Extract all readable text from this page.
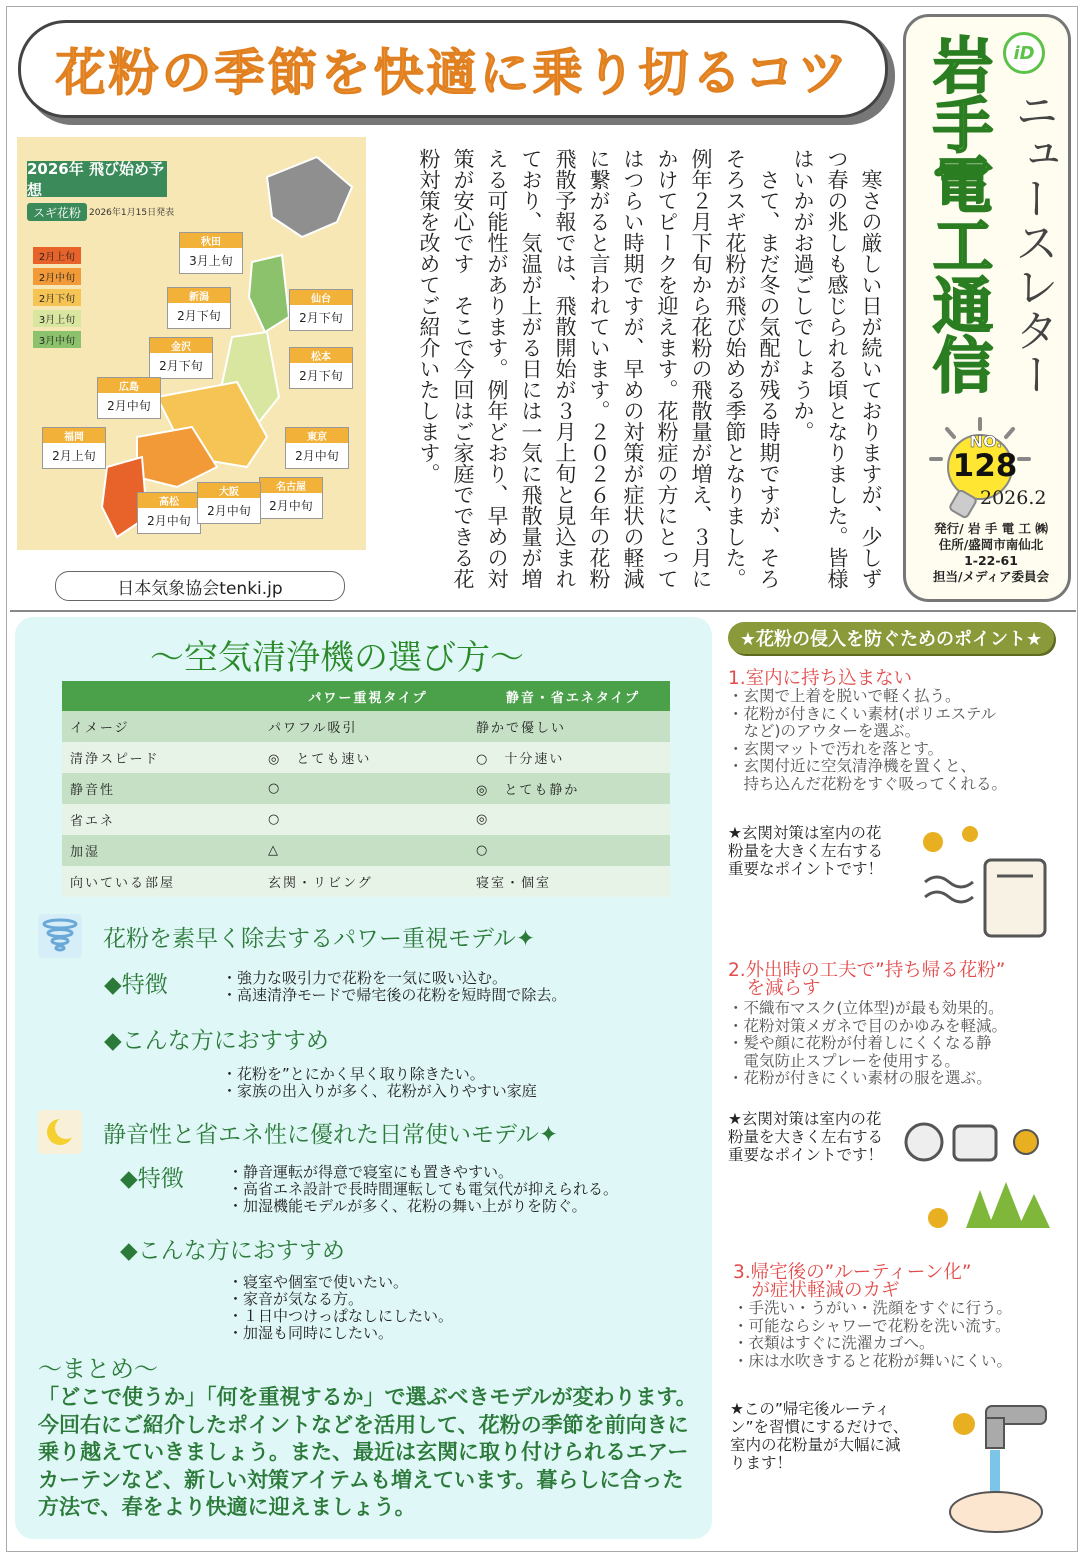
花粉の季節を快適に乗り切るコツ	iD
岩手電工通信 ニュースレター
NO.
128
2026.2
発行/ 岩 手 電 工 ㈱
住所/盛岡市南仙北
1-22-61
担当/メディア委員会
2026年 飛び始め予想
スギ花粉 2026年1月15日発表
2月上旬
2月中旬
2月下旬
3月上旬
3月中旬
秋田
3月上旬
仙台
2月下旬
新潟
2月下旬
金沢
2月下旬
松本
2月下旬
広島
2月中旬
東京
2月中旬
福岡
2月上旬
名古屋
2月中旬
高松
2月中旬
大阪
2月中旬
日本気象協会tenki.jp	寒さの厳しい日が続いておりますが、少しずつ春の兆しも感じられる頃となりました。皆様はいかがお過ごしでしょうか。

さて、まだ冬の気配が残る時期ですが、そろそろスギ花粉が飛び始める季節となりました。例年２月下旬から花粉の飛散量が増え、３月にかけてピークを迎えます。花粉症の方にとってはつらい時期ですが、早めの対策が症状の軽減に繋がると言われています。２０２６年の花粉飛散予報では、飛散開始が３月上旬と見込まれており、気温が上がる日には一気に飛散量が増える可能性があります。例年どおり、早めの対策が安心です　そこで今回はご家庭でできる花粉対策を改めてご紹介いたします。

～空気清浄機の選び方～
	パワー重視タイプ	静音・省エネタイプ
イメージ	パワフル吸引	静かで優しい
清浄スピード	◎　とても速い	○　十分速い
静音性	○	◎　とても静か
省エネ	○	◎
加湿	△	○
向いている部屋	玄関・リビング	寝室・個室
花粉を素早く除去するパワー重視モデル✦
◆特徴	・強力な吸引力で花粉を一気に吸い込む。
・高速清浄モードで帰宅後の花粉を短時間で除去。
◆こんな方におすすめ
・花粉を”とにかく早く取り除きたい。
・家族の出入りが多く、花粉が入りやすい家庭
静音性と省エネ性に優れた日常使いモデル✦
◆特徴	・静音運転が得意で寝室にも置きやすい。
・高省エネ設計で長時間運転しても電気代が抑えられる。
・加湿機能モデルが多く、花粉の舞い上がりを防ぐ。
◆こんな方におすすめ
・寝室や個室で使いたい。
・家音が気なる方。
・１日中つけっぱなしにしたい。
・加湿も同時にしたい。
～まとめ～
「どこで使うか」「何を重視するか」で選ぶべきモデルが変わります。今回右にご紹介したポイントなどを活用して、花粉の季節を前向きに乗り越えていきましょう。また、最近は玄関に取り付けられるエアーカーテンなど、新しい対策アイテムも増えています。暮らしに合った方法で、春をより快適に迎えましょう。
★花粉の侵入を防ぐためのポイント★
1.室内に持ち込まない
・玄関で上着を脱いで軽く払う。
・花粉が付きにくい素材(ポリエステル
　など)のアウターを選ぶ。
・玄関マットで汚れを落とす。
・玄関付近に空気清浄機を置くと、
　持ち込んだ花粉をすぐ吸ってくれる。
★玄関対策は室内の花粉量を大きく左右する重要なポイントです！
2.外出時の工夫で”持ち帰る花粉”
　を減らす
・不織布マスク(立体型)が最も効果的。
・花粉対策メガネで目のかゆみを軽減。
・髪や顔に花粉が付着しにくくなる静
　電気防止スプレーを使用する。
・花粉が付きにくい素材の服を選ぶ。
★玄関対策は室内の花粉量を大きく左右する重要なポイントです！
3.帰宅後の”ルーティーン化”
　が症状軽減のカギ
・手洗い・うがい・洗顔をすぐに行う。
・可能ならシャワーで花粉を洗い流す。
・衣類はすぐに洗濯カゴへ。
・床は水吹きすると花粉が舞いにくい。
★この”帰宅後ルーティン”を習慣にするだけで、室内の花粉量が大幅に減ります！
